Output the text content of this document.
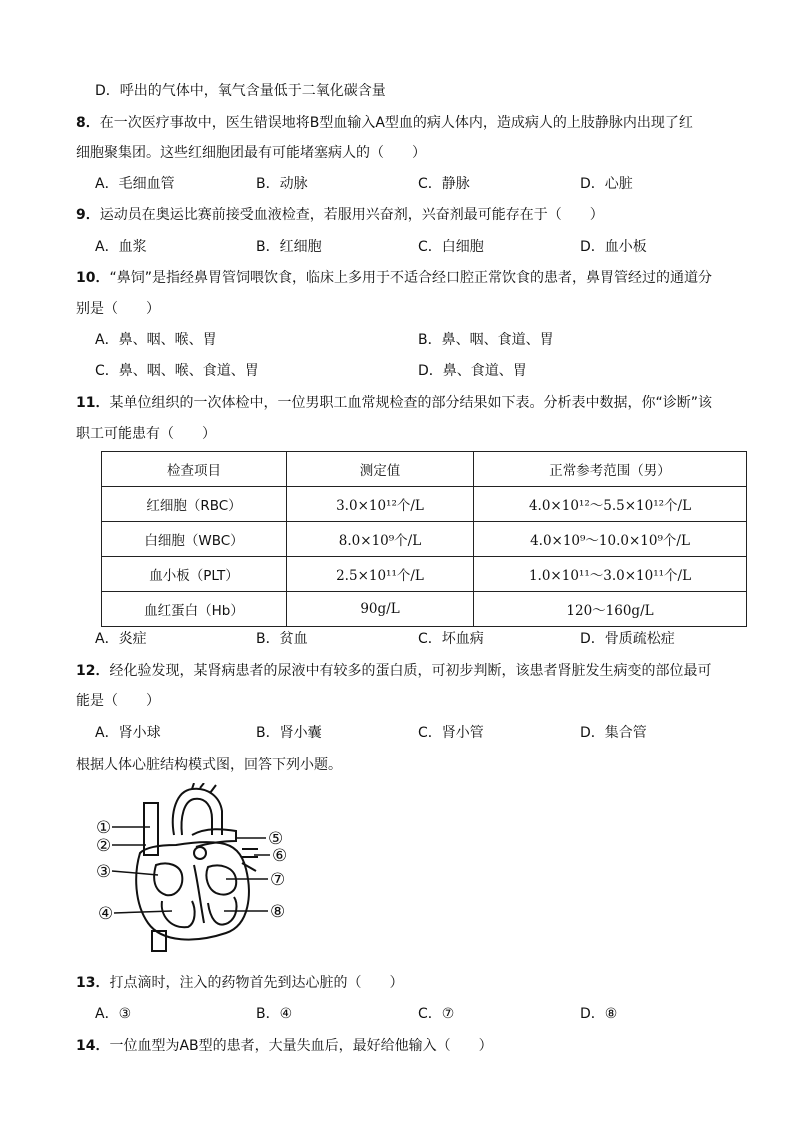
D．呼出的气体中，氧气含量低于二氧化碳含量
8．在一次医疗事故中，医生错误地将B型血输入A型血的病人体内，造成病人的上肢静脉内出现了红
细胞聚集团。这些红细胞团最有可能堵塞病人的（　　）
A．毛细血管	B．动脉	C．静脉	D．心脏
9．运动员在奥运比赛前接受血液检查，若服用兴奋剂，兴奋剂最可能存在于（　　）
A．血浆	B．红细胞	C．白细胞	D．血小板
10．“鼻饲”是指经鼻胃管饲喂饮食，临床上多用于不适合经口腔正常饮食的患者，鼻胃管经过的通道分
别是（　　）
A．鼻、咽、喉、胃	B．鼻、咽、食道、胃
C．鼻、咽、喉、食道、胃	D．鼻、食道、胃
11．某单位组织的一次体检中，一位男职工血常规检查的部分结果如下表。分析表中数据，你“诊断”该
职工可能患有（　　）
检查项目	测定值	正常参考范围（男）
红细胞（RBC）	3.0×10¹²个/L	4.0×10¹²～5.5×10¹²个/L
白细胞（WBC）	8.0×10⁹个/L	4.0×10⁹～10.0×10⁹个/L
血小板（PLT）	2.5×10¹¹个/L	1.0×10¹¹～3.0×10¹¹个/L
血红蛋白（Hb）	90g/L	120～160g/L
A．炎症	B．贫血	C．坏血病	D．骨质疏松症
12．经化验发现，某肾病患者的尿液中有较多的蛋白质，可初步判断，该患者肾脏发生病变的部位最可
能是（　　）
A．肾小球	B．肾小囊	C．肾小管	D．集合管
根据人体心脏结构模式图，回答下列小题。
①
②
③
④
⑤
⑥
⑦
⑧
13．打点滴时，注入的药物首先到达心脏的（　　）
A．③	B．④	C．⑦	D．⑧
14．一位血型为AB型的患者，大量失血后，最好给他输入（　　）
